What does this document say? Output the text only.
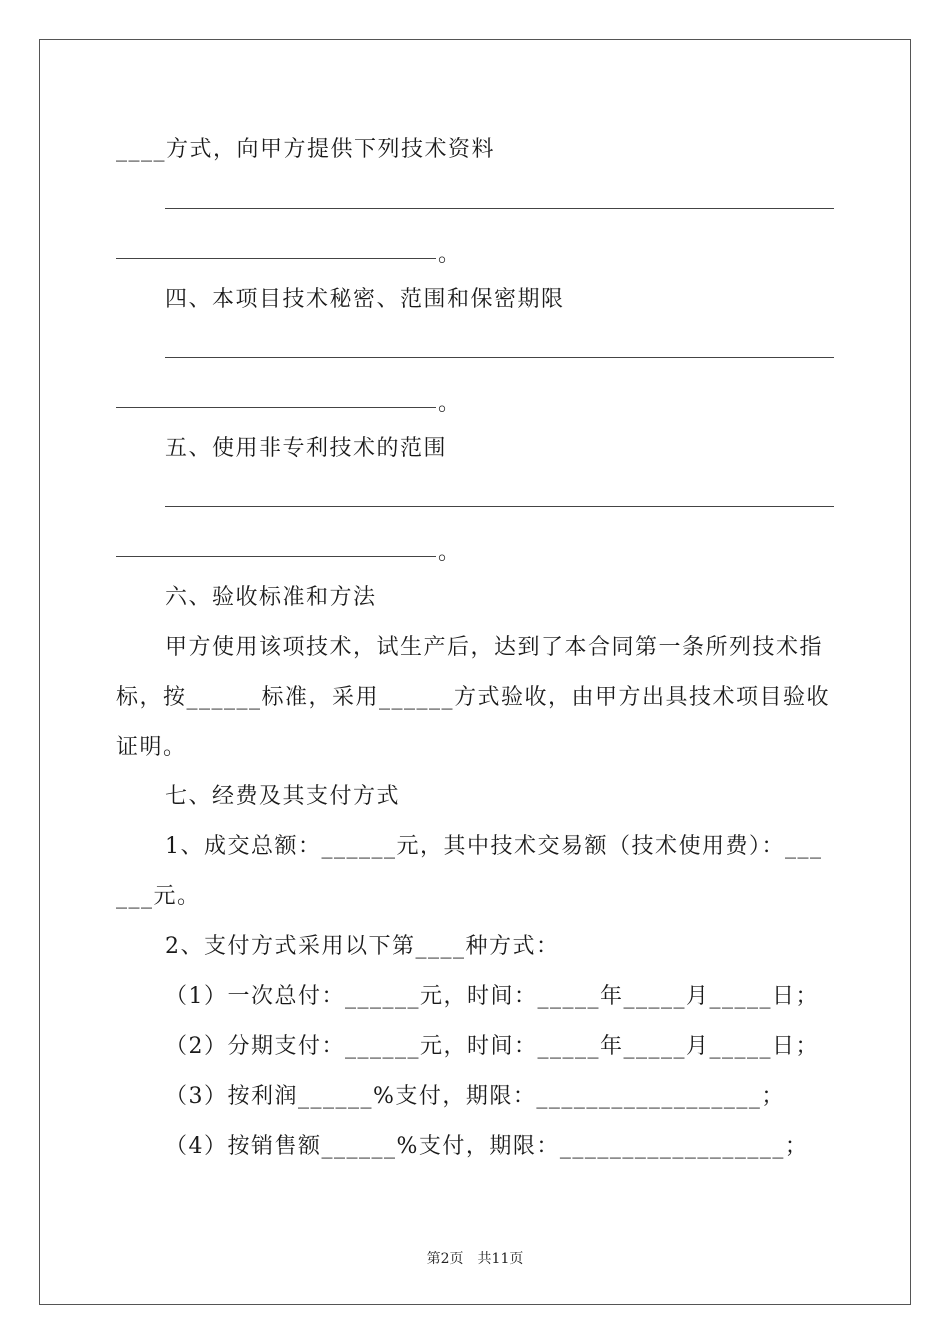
____方式，向甲方提供下列技术资料
。
四、本项目技术秘密、范围和保密期限
。
五、使用非专利技术的范围
。
六、验收标准和方法
甲方使用该项技术，试生产后，达到了本合同第一条所列技术指
标，按______标准，采用______方式验收，由甲方出具技术项目验收
证明。
七、经费及其支付方式
1、成交总额：______元，其中技术交易额（技术使用费）：___
___元。
2、支付方式采用以下第____种方式：
（1）一次总付：______元，时间：_____年_____月_____日；
（2）分期支付：______元，时间：_____年_____月_____日；
（3）按利润______%支付，期限：__________________；
（4）按销售额______%支付，期限：__________________；
第2页　共11页
